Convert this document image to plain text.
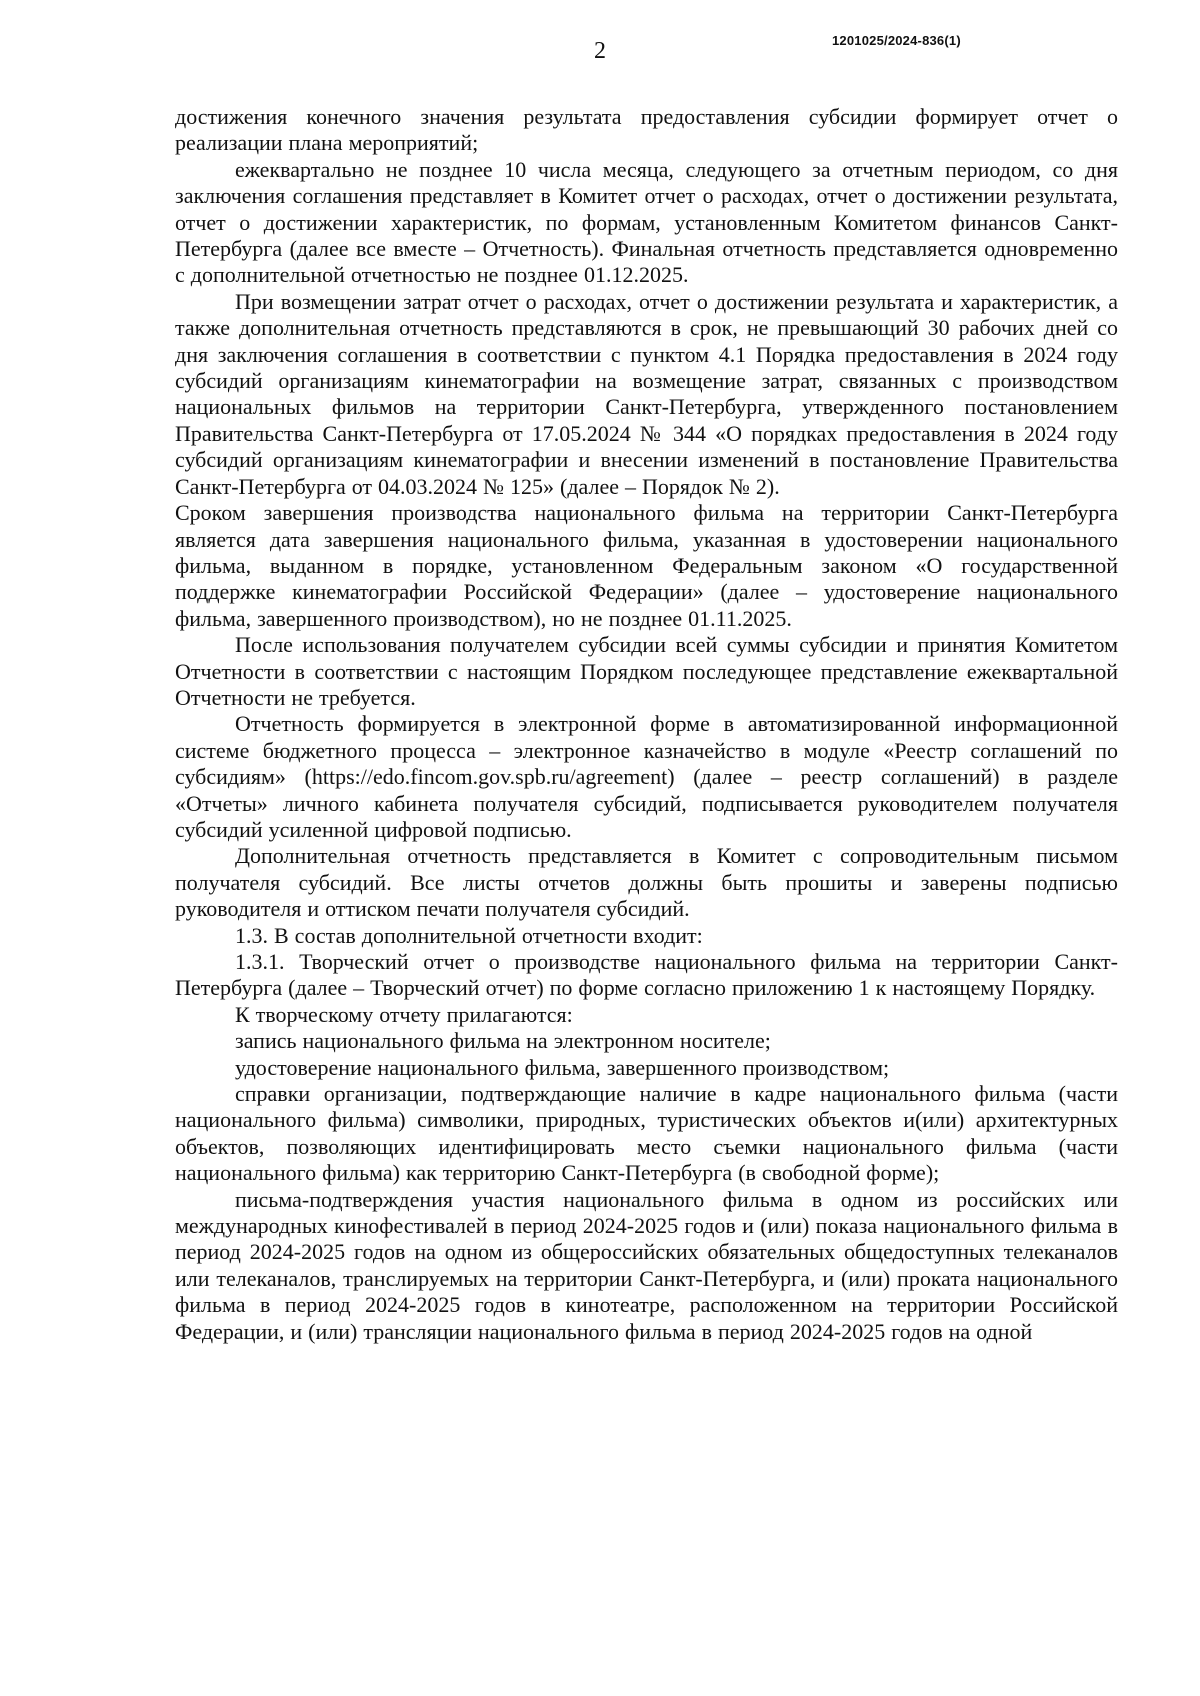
2	1201025/2024-836(1)

достижения конечного значения результата предоставления субсидии формирует отчет о реализации плана мероприятий;

ежеквартально не позднее 10 числа месяца, следующего за отчетным периодом, со дня заключения соглашения представляет в Комитет отчет о расходах, отчет о достижении результата, отчет о достижении характеристик, по формам, установленным Комитетом финансов Санкт-Петербурга (далее все вместе – Отчетность). Финальная отчетность представляется одновременно с дополнительной отчетностью не позднее 01.12.2025.

При возмещении затрат отчет о расходах, отчет о достижении результата и характеристик, а также дополнительная отчетность представляются в срок, не превышающий 30 рабочих дней со дня заключения соглашения в соответствии с пунктом 4.1 Порядка предоставления в 2024 году субсидий организациям кинематографии на возмещение затрат, связанных с производством национальных фильмов на территории Санкт-Петербурга, утвержденного постановлением Правительства Санкт-Петербурга от 17.05.2024 № 344 «О порядках предоставления в 2024 году субсидий организациям кинематографии и внесении изменений в постановление Правительства Санкт-Петербурга от 04.03.2024 № 125» (далее – Порядок № 2).

Сроком завершения производства национального фильма на территории Санкт-Петербурга является дата завершения национального фильма, указанная в удостоверении национального фильма, выданном в порядке, установленном Федеральным законом «О государственной поддержке кинематографии Российской Федерации» (далее – удостоверение национального фильма, завершенного производством), но не позднее 01.11.2025.

После использования получателем субсидии всей суммы субсидии и принятия Комитетом Отчетности в соответствии с настоящим Порядком последующее представление ежеквартальной Отчетности не требуется.

Отчетность формируется в электронной форме в автоматизированной информационной системе бюджетного процесса – электронное казначейство в модуле «Реестр соглашений по субсидиям» (https://edo.fincom.gov.spb.ru/agreement) (далее – реестр соглашений) в разделе «Отчеты» личного кабинета получателя субсидий, подписывается руководителем получателя субсидий усиленной цифровой подписью.

Дополнительная отчетность представляется в Комитет с сопроводительным письмом получателя субсидий. Все листы отчетов должны быть прошиты и заверены подписью руководителя и оттиском печати получателя субсидий.

1.3. В состав дополнительной отчетности входит:

1.3.1. Творческий отчет о производстве национального фильма на территории Санкт-Петербурга (далее – Творческий отчет) по форме согласно приложению 1 к настоящему Порядку.

К творческому отчету прилагаются:

запись национального фильма на электронном носителе;

удостоверение национального фильма, завершенного производством;

справки организации, подтверждающие наличие в кадре национального фильма (части национального фильма) символики, природных, туристических объектов и(или) архитектурных объектов, позволяющих идентифицировать место съемки национального фильма (части национального фильма) как территорию Санкт-Петербурга (в свободной форме);

письма-подтверждения участия национального фильма в одном из российских или международных кинофестивалей в период 2024-2025 годов и (или) показа национального фильма в период 2024-2025 годов на одном из общероссийских обязательных общедоступных телеканалов или телеканалов, транслируемых на территории Санкт-Петербурга, и (или) проката национального фильма в период 2024-2025 годов в кинотеатре, расположенном на территории Российской Федерации, и (или) трансляции национального фильма в период 2024-2025 годов на одной
